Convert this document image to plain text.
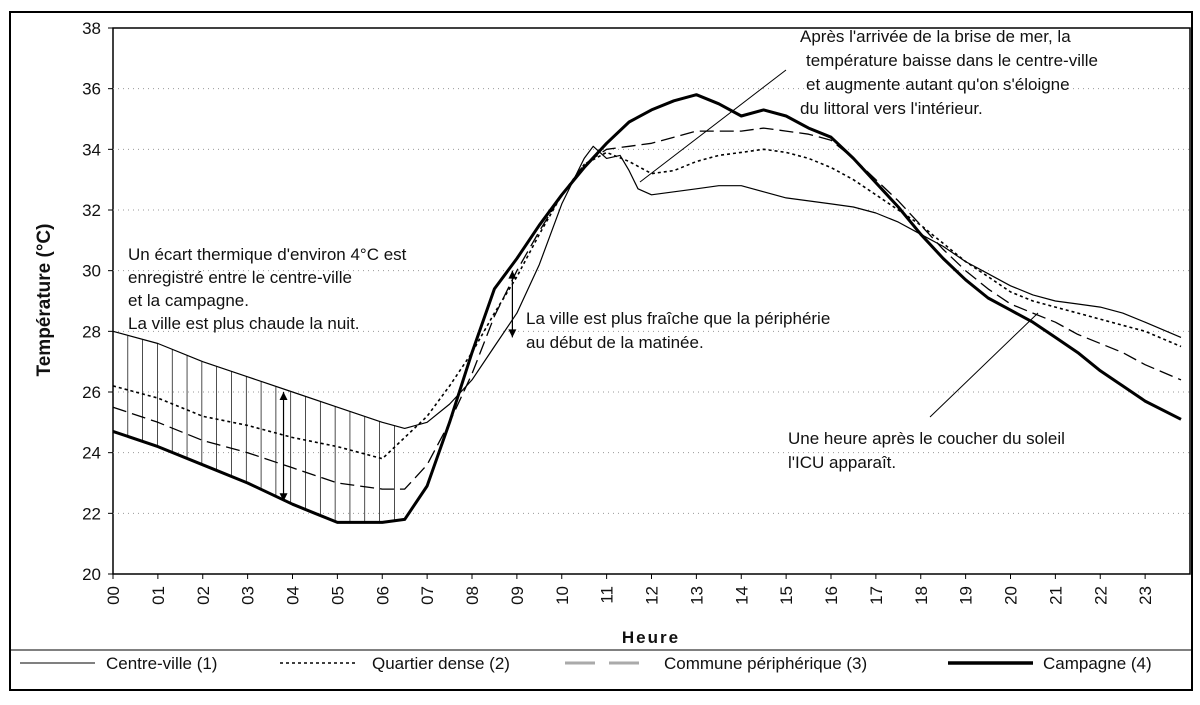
20
22
24
26
28
30
32
34
36
38
00 01 02 03 04 05 06 07 08 09 10 11 12 13 14 15 16 17 18 19 20 21 22 23
Température (°C)
Heure
Un écart thermique d'environ 4°C est
enregistré entre le centre-ville
et la campagne.
La ville est plus chaude la nuit.	La ville est plus fraîche que la périphérie
au début de la matinée.
Après l'arrivée de la brise de mer, la
température baisse dans le centre-ville
et augmente autant qu'on s'éloigne
du littoral vers l'intérieur.
Une heure après le coucher du soleil
l'ICU apparaît.
Centre-ville (1)	Quartier dense (2)	Commune périphérique (3)	Campagne (4)
